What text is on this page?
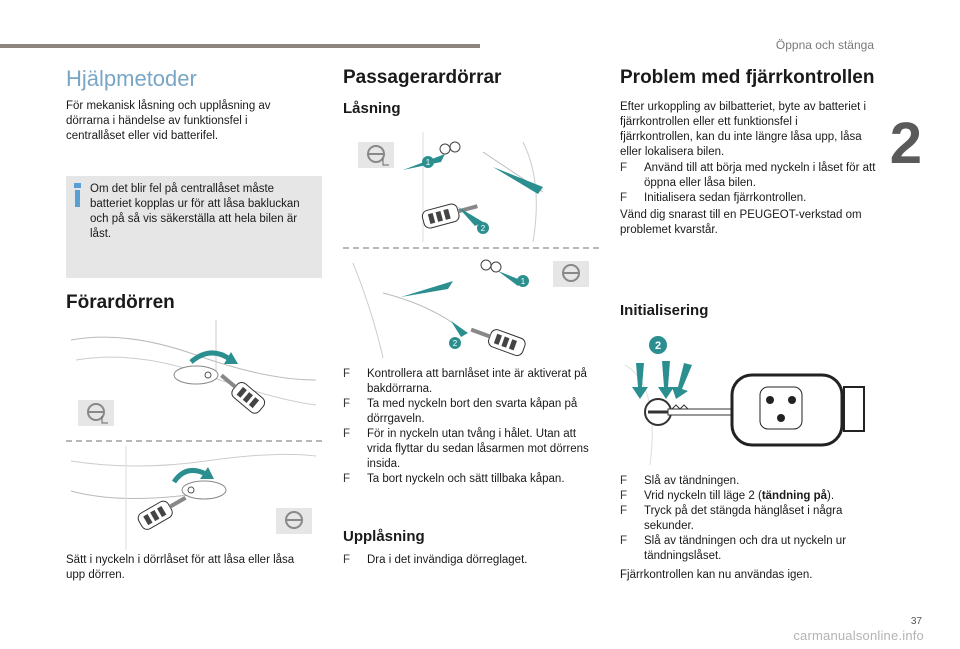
Öppna och stänga
2
Hjälpmetoder

För mekanisk låsning och upplåsning av dörrarna i händelse av funktionsfel i centrallåset eller vid batterifel.

Om det blir fel på centrallåset måste batteriet kopplas ur för att låsa bakluckan och på så vis säkerställa att hela bilen är låst.

Förardörren

Sätt i nyckeln i dörrlåset för att låsa eller låsa upp dörren.

Passagerardörrar
Låsning
1
2
1
2
F Kontrollera att barnlåset inte är aktiverat på bakdörrarna.
F Ta med nyckeln bort den svarta kåpan på dörrgaveln.
F För in nyckeln utan tvång i hålet. Utan att vrida flyttar du sedan låsarmen mot dörrens insida.
F Ta bort nyckeln och sätt tillbaka kåpan.
Upplåsning
F Dra i det invändiga dörreglaget.
Problem med fjärrkontrollen

Efter urkoppling av bilbatteriet, byte av batteriet i fjärrkontrollen eller ett funktionsfel i fjärrkontrollen, kan du inte längre låsa upp, låsa eller lokalisera bilen.

F Använd till att börja med nyckeln i låset för att öppna eller låsa bilen.
F Initialisera sedan fjärrkontrollen.

Vänd dig snarast till en PEUGEOT-verkstad om problemet kvarstår.

Initialisering
2
F Slå av tändningen.
F Vrid nyckeln till läge 2 (tändning på).
F Tryck på det stängda hänglåset i några sekunder.
F Slå av tändningen och dra ut nyckeln ur tändningslåset.

Fjärrkontrollen kan nu användas igen.

37
carmanualsonline.info
